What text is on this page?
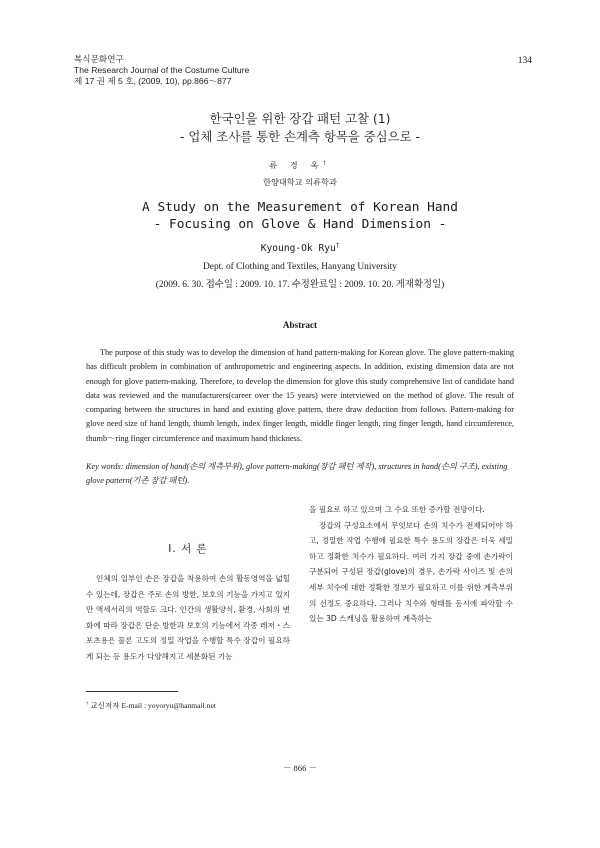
복식문화연구
The Research Journal of the Costume Culture
제 17 권 제 5 호, (2009. 10), pp.866～877
134
한국인을 위한 장갑 패턴 고찰 (1)
- 업체 조사를 통한 손계측 항목을 중심으로 -
류 경 옥†
한양대학교 의류학과
A Study on the Measurement of Korean Hand
- Focusing on Glove & Hand Dimension -
Kyoung-Ok Ryu†
Dept. of Clothing and Textiles, Hanyang University
(2009. 6. 30. 접수일 : 2009. 10. 17. 수정완료일 : 2009. 10. 20. 게재확정일)
Abstract

The purpose of this study was to develop the dimension of hand pattern-making for Korean glove. The glove pattern-making has difficult problem in combination of anthropometric and engineering aspects. In addition, existing dimension data are not enough for glove pattern-making. Therefore, to develop the dimension for glove this study comprehensive list of candidate hand data was reviewed and the manufacturers(career over the 15 years) were interviewed on the method of glove. The result of comparing between the structures in hand and existing glove pattern, there draw deduction from follows. Pattern-making for glove need size of hand length, thumb length, index finger length, middle finger length, ring finger length, hand circumference, thumb～ring finger circumference and maximum hand thickness.

Key words: dimension of hand(손의 계측부위), glove pattern-making(장갑 패턴 제작), structures in hand(손의 구조), existing glove pattern(기존 장갑 패턴).

Ⅰ. 서 론

인체의 일부인 손은 장갑을 착용하여 손의 활동영역을 넓힐 수 있는데, 장갑은 주로 손의 방한, 보호의 기능을 가지고 있지만 액세서리의 역할도 크다. 인간의 생활양식, 환경, 사회의 변화에 따라 장갑은 단순 방한과 보호의 기능에서 각종 레저・스포츠용은 물론 고도의 정밀 작업을 수행할 특수 장갑이 필요하게 되는 등 용도가 다양해지고 세분화된 기능

을 필요로 하고 있으며 그 수요 또한 증가할 전망이다.

장갑의 구성요소에서 무엇보다 손의 치수가 전제되어야 하고, 정밀한 작업 수행에 필요한 특수 용도의 장갑은 더욱 세밀하고 정확한 치수가 필요하다. 여러 가지 장갑 중에 손가락이 구분되어 구성된 장갑(glove)의 경우, 손가락 사이즈 및 손의 세부 치수에 대한 정확한 정보가 필요하고 이를 위한 계측부위의 선정도 중요하다. 그러나 치수와 형태를 동시에 파악할 수 있는 3D 스캐닝을 활용하여 계측하는

† 교신저자 E-mail : yoyoryu@hanmail.net
－ 866 －
